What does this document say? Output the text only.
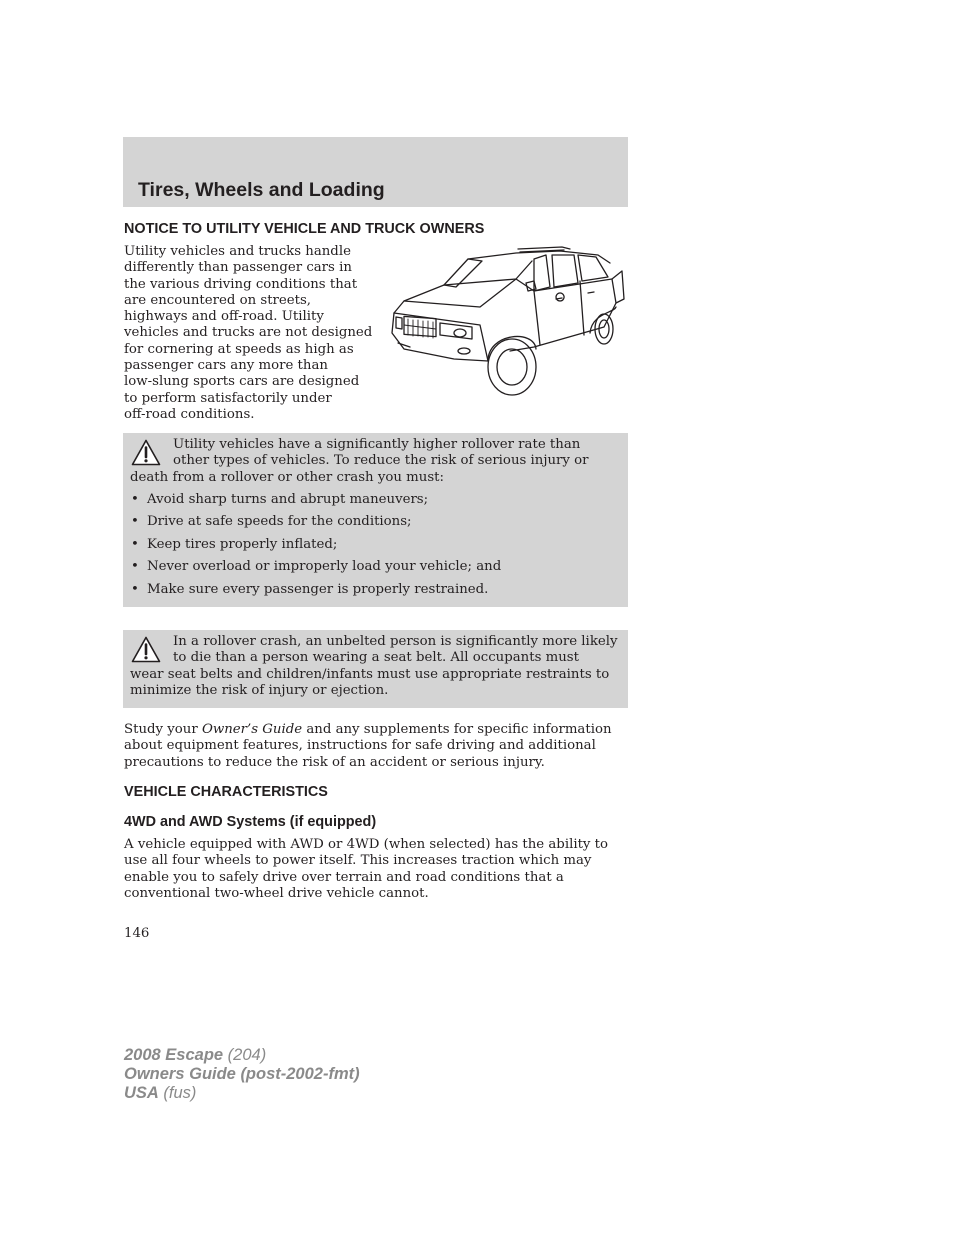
Tires, Wheels and Loading
NOTICE TO UTILITY VEHICLE AND TRUCK OWNERS
Utility vehicles and trucks handle
differently than passenger cars in
the various driving conditions that
are encountered on streets,
highways and off-road. Utility
vehicles and trucks are not designed
for cornering at speeds as high as
passenger cars any more than
low-slung sports cars are designed
to perform satisfactorily under
off-road conditions.
Utility vehicles have a significantly higher rollover rate than
other types of vehicles. To reduce the risk of serious injury or
death from a rollover or other crash you must:
• Avoid sharp turns and abrupt maneuvers;
• Drive at safe speeds for the conditions;
• Keep tires properly inflated;
• Never overload or improperly load your vehicle; and
• Make sure every passenger is properly restrained.
In a rollover crash, an unbelted person is significantly more likely
to die than a person wearing a seat belt. All occupants must
wear seat belts and children/infants must use appropriate restraints to
minimize the risk of injury or ejection.
Study your Owner’s Guide and any supplements for specific information
about equipment features, instructions for safe driving and additional
precautions to reduce the risk of an accident or serious injury.
VEHICLE CHARACTERISTICS
4WD and AWD Systems (if equipped)
A vehicle equipped with AWD or 4WD (when selected) has the ability to
use all four wheels to power itself. This increases traction which may
enable you to safely drive over terrain and road conditions that a
conventional two-wheel drive vehicle cannot.
146
2008 Escape (204)
Owners Guide (post-2002-fmt)
USA (fus)
